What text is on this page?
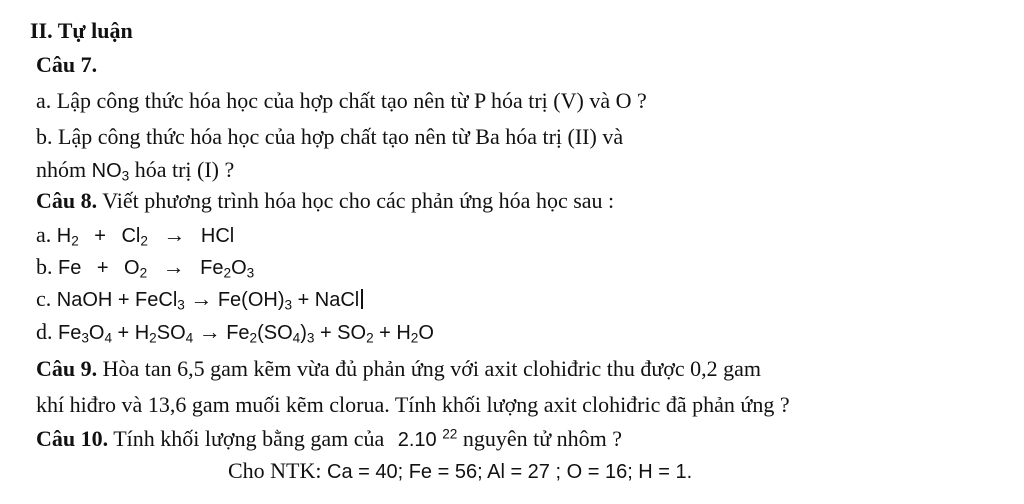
II. Tự luận
Câu 7.
a. Lập công thức hóa học của hợp chất tạo nên từ P hóa trị (V) và O ?
b. Lập công thức hóa học của hợp chất tạo nên từ Ba hóa trị (II) và
nhóm $NO_3$ hóa trị (I) ?
Câu 8. Viết phương trình hóa học cho các phản ứng hóa học sau :
a. $H_2 + Cl_2$ → HCl
b. $Fe + O_2 \to Fe_2O_3$
c. NaOH + FeCl$_3$ → $Fe(OH)_3$ + NaCl
d. $Fe_3O_4 + H_2SO_4 \to Fe_2(SO_4)_3 + SO_2 + H_2O$
Câu 9. Hòa tan 6,5 gam kẽm vừa đủ phản ứng với axit clohiđric thu được 0,2 gam
khí hiđro và 13,6 gam muối kẽm clorua. Tính khối lượng axit clohiđric đã phản ứng ?
Câu 10. Tính khối lượng bằng gam của 2.10 $^{22}$ nguyên tử nhôm ?
Cho NTK: Ca = 40; Fe = 56; Al = 27 ; O = 16; H = 1.
